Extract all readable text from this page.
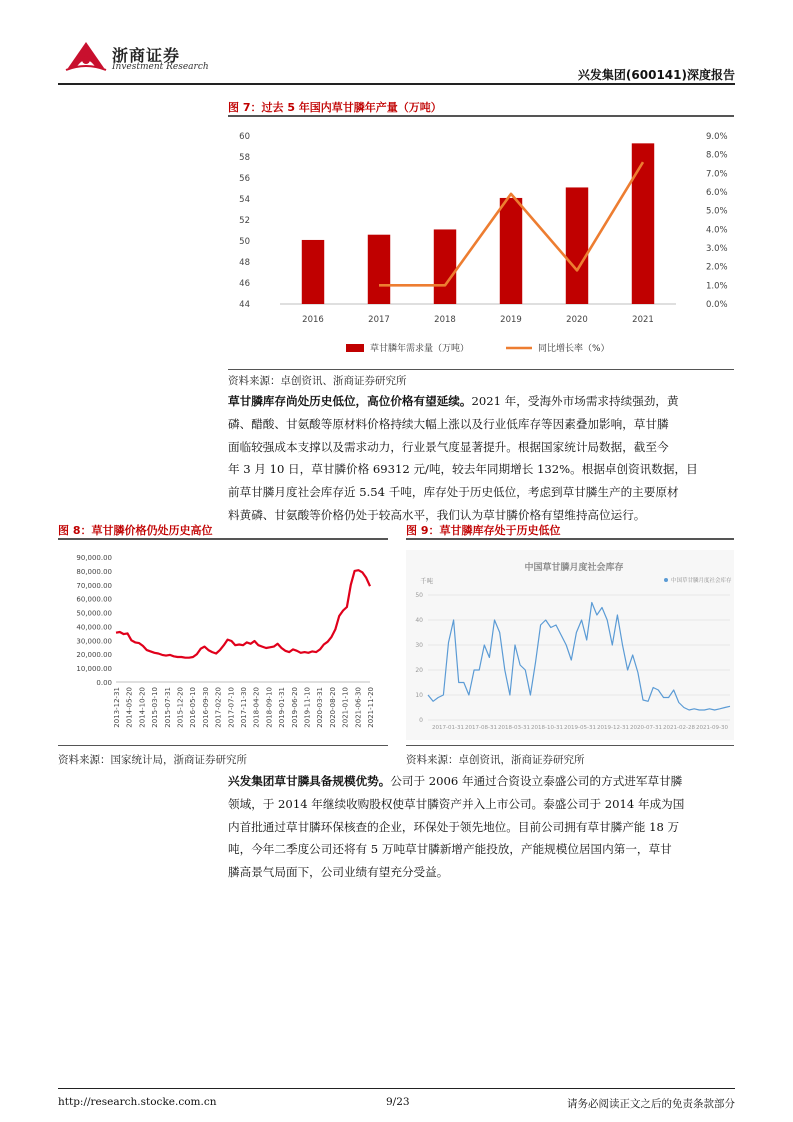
浙商证券
Investment Research
兴发集团(600141)深度报告
图 7：过去 5 年国内草甘膦年产量（万吨）
60
58
56
54
52
50
48
46
44
9.0%
8.0%
7.0%
6.0%
5.0%
4.0%
3.0%
2.0%
1.0%
0.0%
2016	2017	2018	2019	2020	2021
草甘膦年需求量（万吨）	同比增长率（%）
资料来源：卓创资讯、浙商证券研究所
草甘膦库存尚处历史低位，高位价格有望延续。2021 年，受海外市场需求持续强劲，黄
磷、醋酸、甘氨酸等原材料价格持续大幅上涨以及行业低库存等因素叠加影响，草甘膦
面临较强成本支撑以及需求动力，行业景气度显著提升。根据国家统计局数据，截至今
年 3 月 10 日，草甘膦价格 69312 元/吨，较去年同期增长 132%。根据卓创资讯数据，目
前草甘膦月度社会库存近 5.54 千吨，库存处于历史低位，考虑到草甘膦生产的主要原材
料黄磷、甘氨酸等价格仍处于较高水平，我们认为草甘膦价格有望维持高位运行。
图 8：草甘膦价格仍处历史高位
90,000.00
80,000.00
70,000.00
60,000.00
50,000.00
40,000.00
30,000.00
20,000.00
10,000.00
0.00
2013-12-31 2014-05-20 2014-10-20 2015-03-10 2015-07-31 2015-12-20 2016-05-10 2016-09-30 2017-02-20 2017-07-10 2017-11-30 2018-04-20 2018-09-10 2019-01-31 2019-06-20 2019-11-10 2020-03-31 2020-08-20 2021-01-10 2021-06-30 2021-11-20
资料来源：国家统计局，浙商证券研究所
图 9：草甘膦库存处于历史低位
中国草甘膦月度社会库存
千吨	中国草甘膦月度社会库存
50
40
30
20
10
0
2017-01-31 2017-08-31 2018-03-31 2018-10-31 2019-05-31 2019-12-31 2020-07-31 2021-02-28 2021-09-30
资料来源：卓创资讯，浙商证券研究所
兴发集团草甘膦具备规模优势。公司于 2006 年通过合资设立泰盛公司的方式进军草甘膦
领域，于 2014 年继续收购股权使草甘膦资产并入上市公司。泰盛公司于 2014 年成为国
内首批通过草甘膦环保核查的企业，环保处于领先地位。目前公司拥有草甘膦产能 18 万
吨，今年二季度公司还将有 5 万吨草甘膦新增产能投放，产能规模位居国内第一，草甘
膦高景气局面下，公司业绩有望充分受益。
http://research.stocke.com.cn	9/23	请务必阅读正文之后的免责条款部分
